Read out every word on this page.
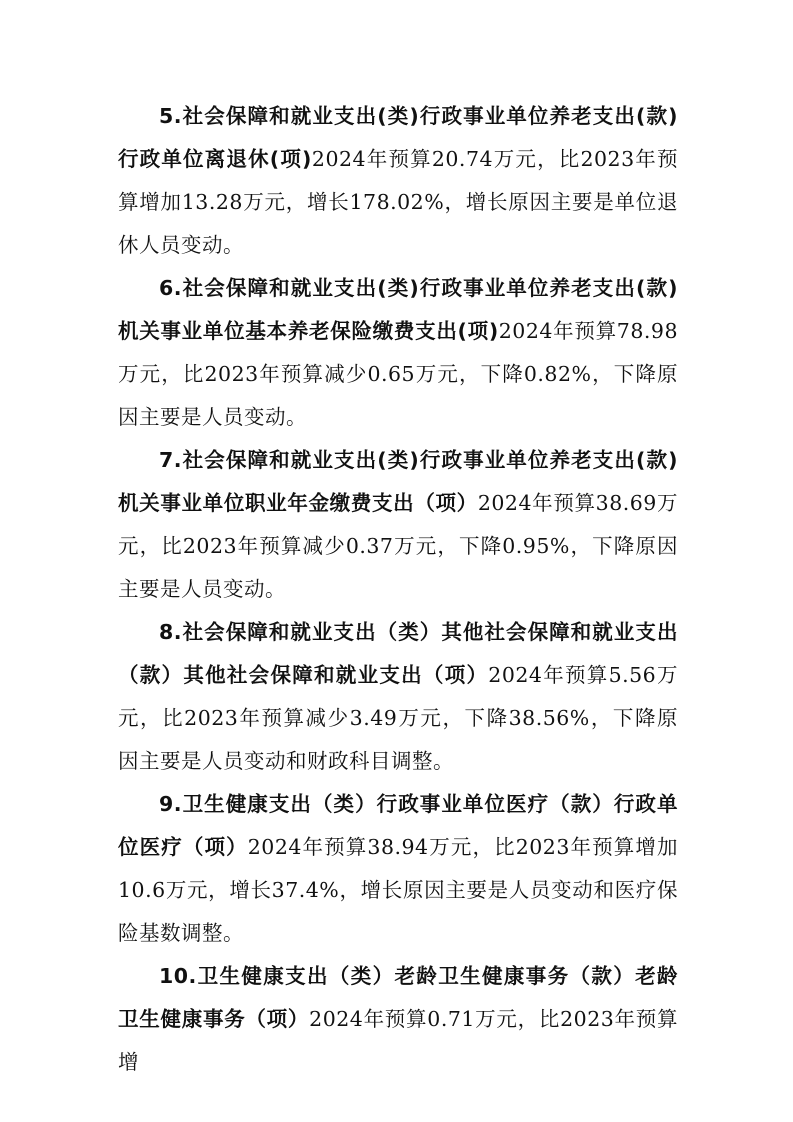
5.社会保障和就业支出(类)行政事业单位养老支出(款)行政单位离退休(项)2024年预算20.74万元，比2023年预算增加13.28万元，增长178.02%，增长原因主要是单位退休人员变动。

6.社会保障和就业支出(类)行政事业单位养老支出(款)机关事业单位基本养老保险缴费支出(项)2024年预算78.98万元，比2023年预算减少0.65万元，下降0.82%，下降原因主要是人员变动。

7.社会保障和就业支出(类)行政事业单位养老支出(款)机关事业单位职业年金缴费支出（项）2024年预算38.69万元，比2023年预算减少0.37万元，下降0.95%，下降原因主要是人员变动。

8.社会保障和就业支出（类）其他社会保障和就业支出（款）其他社会保障和就业支出（项）2024年预算5.56万元，比2023年预算减少3.49万元，下降38.56%，下降原因主要是人员变动和财政科目调整。

9.卫生健康支出（类）行政事业单位医疗（款）行政单位医疗（项）2024年预算38.94万元，比2023年预算增加10.6万元，增长37.4%，增长原因主要是人员变动和医疗保险基数调整。

10.卫生健康支出（类）老龄卫生健康事务（款）老龄卫生健康事务（项）2024年预算0.71万元，比2023年预算增
